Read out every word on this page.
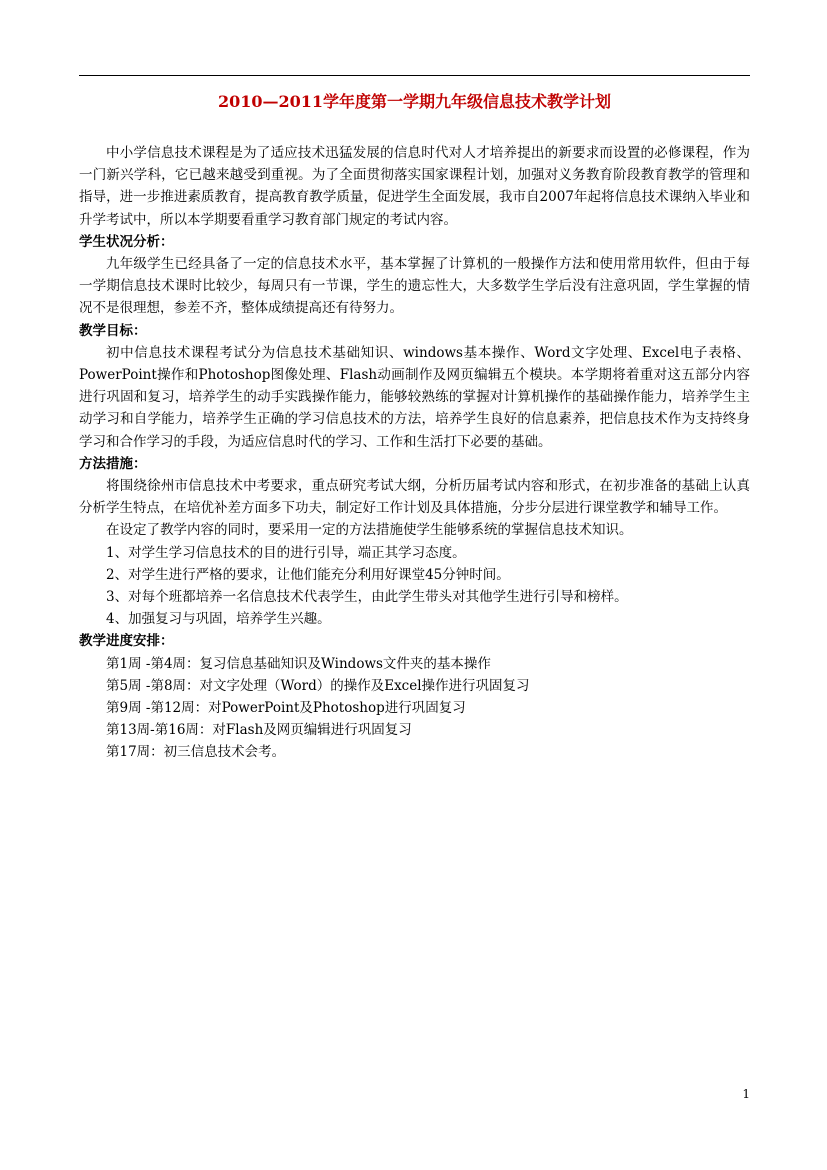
2010—2011学年度第一学期九年级信息技术教学计划

中小学信息技术课程是为了适应技术迅猛发展的信息时代对人才培养提出的新要求而设置的必修课程，作为一门新兴学科，它已越来越受到重视。为了全面贯彻落实国家课程计划，加强对义务教育阶段教育教学的管理和指导，进一步推进素质教育，提高教育教学质量，促进学生全面发展，我市自2007年起将信息技术课纳入毕业和升学考试中，所以本学期要看重学习教育部门规定的考试内容。

学生状况分析：

九年级学生已经具备了一定的信息技术水平，基本掌握了计算机的一般操作方法和使用常用软件，但由于每一学期信息技术课时比较少，每周只有一节课，学生的遗忘性大，大多数学生学后没有注意巩固，学生掌握的情况不是很理想，参差不齐，整体成绩提高还有待努力。

教学目标：

初中信息技术课程考试分为信息技术基础知识、windows基本操作、Word文字处理、Excel电子表格、PowerPoint操作和Photoshop图像处理、Flash动画制作及网页编辑五个模块。本学期将着重对这五部分内容进行巩固和复习，培养学生的动手实践操作能力，能够较熟练的掌握对计算机操作的基础操作能力，培养学生主动学习和自学能力，培养学生正确的学习信息技术的方法，培养学生良好的信息素养，把信息技术作为支持终身学习和合作学习的手段，为适应信息时代的学习、工作和生活打下必要的基础。

方法措施：

将围绕徐州市信息技术中考要求，重点研究考试大纲，分析历届考试内容和形式，在初步准备的基础上认真分析学生特点，在培优补差方面多下功夫，制定好工作计划及具体措施，分步分层进行课堂教学和辅导工作。

在设定了教学内容的同时，要采用一定的方法措施使学生能够系统的掌握信息技术知识。

1、对学生学习信息技术的目的进行引导，端正其学习态度。

2、对学生进行严格的要求，让他们能充分利用好课堂45分钟时间。

3、对每个班都培养一名信息技术代表学生，由此学生带头对其他学生进行引导和榜样。

4、加强复习与巩固，培养学生兴趣。

教学进度安排：

第1周 -第4周：复习信息基础知识及Windows文件夹的基本操作

第5周 -第8周：对文字处理（Word）的操作及Excel操作进行巩固复习

第9周 -第12周：对PowerPoint及Photoshop进行巩固复习

第13周-第16周：对Flash及网页编辑进行巩固复习

第17周：初三信息技术会考。

1
